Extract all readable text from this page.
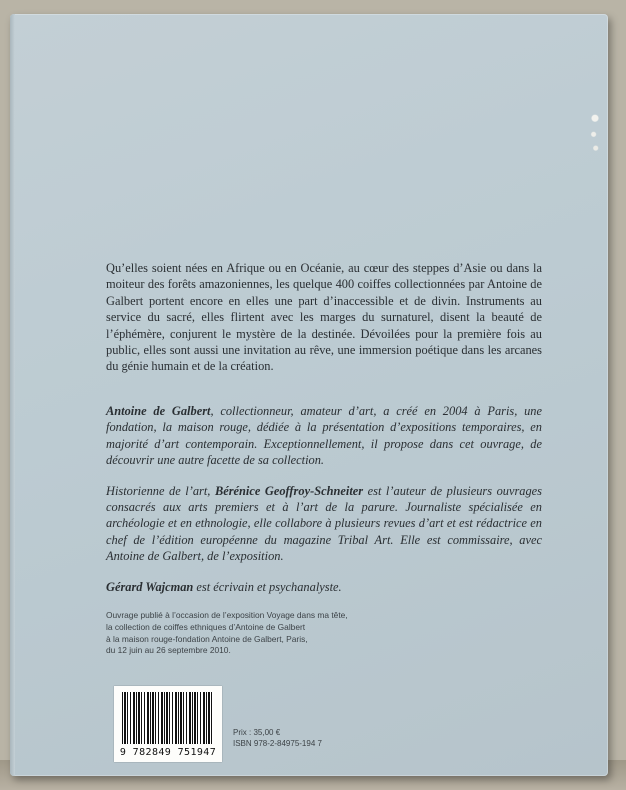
Qu’elles soient nées en Afrique ou en Océanie, au cœur des steppes d’Asie ou dans la moiteur des forêts amazoniennes, les quelque 400 coiffes collectionnées par Antoine de Galbert portent encore en elles une part d’inaccessible et de divin. Instruments au service du sacré, elles flirtent avec les marges du surnaturel, disent la beauté de l’éphémère, conjurent le mystère de la destinée. Dévoilées pour la première fois au public, elles sont aussi une invitation au rêve, une immersion poétique dans les arcanes du génie humain et de la création.

Antoine de Galbert, collectionneur, amateur d’art, a créé en 2004 à Paris, une fondation, la maison rouge, dédiée à la présentation d’expositions temporaires, en majorité d’art contemporain. Exceptionnellement, il propose dans cet ouvrage, de découvrir une autre facette de sa collection.

Historienne de l’art, Bérénice Geoffroy-Schneiter est l’auteur de plusieurs ouvrages consacrés aux arts premiers et à l’art de la parure. Journaliste spécialisée en archéologie et en ethnologie, elle collabore à plusieurs revues d’art et est rédactrice en chef de l’édition européenne du magazine Tribal Art. Elle est commissaire, avec Antoine de Galbert, de l’exposition.

Gérard Wajcman est écrivain et psychanalyste.

Ouvrage publié à l’occasion de l’exposition Voyage dans ma tête,
la collection de coiffes ethniques d’Antoine de Galbert
à la maison rouge-fondation Antoine de Galbert, Paris,
du 12 juin au 26 septembre 2010.
9 782849 751947
Prix : 35,00 €
ISBN 978-2-84975-194 7
